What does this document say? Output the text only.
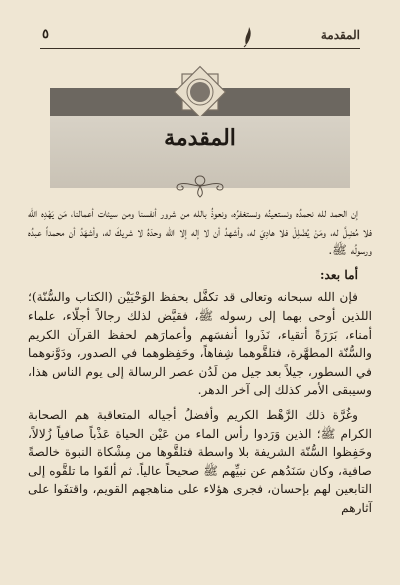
المقدمة
٥
المقدمة

إن الحمد لله نحمدُه ونستعينُه ونستغفرُه، ونعوذُ بالله من شرور أنفسنا ومن سيئات أعمالنا، مَن يَهْدِه الله فلا مُضِلَّ له، ومَنْ يُضْلِلْ فلا هادِيَ له، وأشهدُ أن لا إله إلا الله وحدَهُ لا شريكَ له، وأشهَدُ أن محمداً عبدُه ورسولُه ﷺ.

أما بعد:

فإن الله سبحانه وتعالى قد تكفَّل بحفظ الوَحْيَيْن (الكتاب والسُّنّة)؛ اللذين أوحى بهما إلى رسوله ﷺ، فقيَّض لذلك رجالاً أجلّاء، علماء أمناء، بَرَرَةً أتقياء، نَذَروا أنفسَهم وأعمارَهم لحفظ القرآن الكريم والسُّنّة المطهَّرة، فتلقَّوهما شِفاهاً، وحَفِظوهما في الصدور، ودَوَّنوهما في السطور، جيلاً بعد جيل من لَدُن عصر الرسالة إلى يوم الناس هذا، وسيبقى الأمر كذلك إلى آخر الدهر.

وغُرَّة ذلك الرَّهْط الكريم وأفضلُ أجياله المتعاقبة هم الصحابة الكرام ﷺ؛ الذين وَرَدوا رأس الماء من عَيْن الحياة عَذْباً صافياً زُلالاً، وحَفِظوا السُّنّة الشريفة بلا واسطة فتلقَّوها من مِشْكاة النبوة خالصةً صافية، وكان سَنَدُهم عن نبيِّهم ﷺ صحيحاً عالياً. ثم ألقَوا ما تلقَّوه إلى التابعين لهم بإحسان، فجرى هؤلاء على مناهجهم القويم، واقتفَوا على آثارهم
